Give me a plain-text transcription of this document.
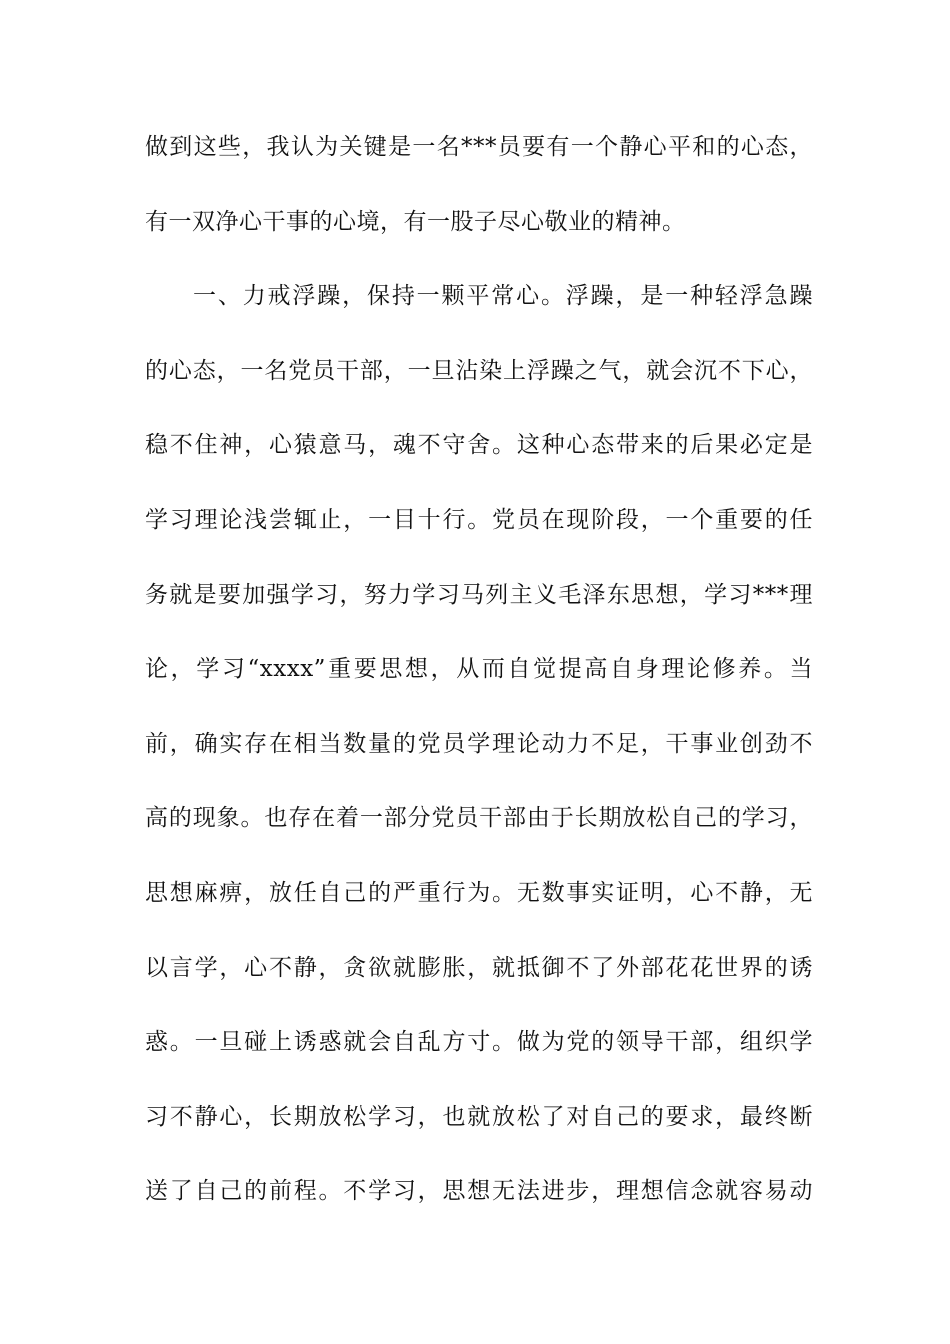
做到这些，我认为关键是一名***员要有一个静心平和的心态，
有一双净心干事的心境，有一股子尽心敬业的精神。
一、力戒浮躁，保持一颗平常心。浮躁，是一种轻浮急躁
的心态，一名党员干部，一旦沾染上浮躁之气，就会沉不下心，
稳不住神，心猿意马，魂不守舍。这种心态带来的后果必定是
学习理论浅尝辄止，一目十行。党员在现阶段，一个重要的任
务就是要加强学习，努力学习马列主义毛泽东思想，学习***理
论，学习“xxxx”重要思想，从而自觉提高自身理论修养。当
前，确实存在相当数量的党员学理论动力不足，干事业创劲不
高的现象。也存在着一部分党员干部由于长期放松自己的学习，
思想麻痹，放任自己的严重行为。无数事实证明，心不静，无
以言学，心不静，贪欲就膨胀，就抵御不了外部花花世界的诱
惑。一旦碰上诱惑就会自乱方寸。做为党的领导干部，组织学
习不静心，长期放松学习，也就放松了对自己的要求，最终断
送了自己的前程。不学习，思想无法进步，理想信念就容易动
